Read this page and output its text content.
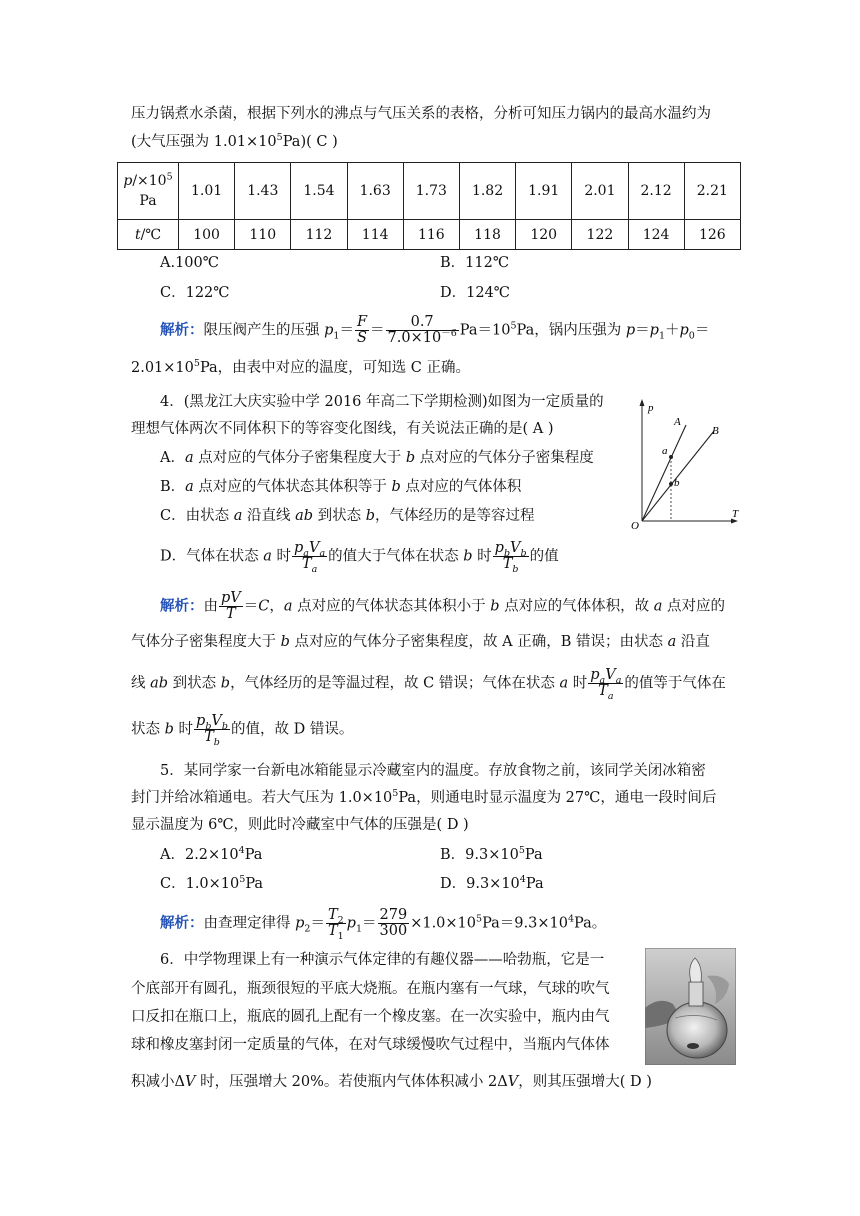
压力锅煮水杀菌，根据下列水的沸点与气压关系的表格，分析可知压力锅内的最高水温约为
(大气压强为 $1.01\times 10^5Pa$)( C )
$p/\times 10^5$
Pa	1.01	1.43	1.54	1.63	1.73	1.82	1.91	2.01	2.12	2.21
t/℃	100	110	112	114	116	118	120	122	124	126
A.100℃	B．112℃
C．122℃	D．124℃
解析：限压阀产生的压强 $p_1= \frac{F}{S} = \frac{0.7}{7.0\times 10^{-6}} Pa=10^5Pa$，锅内压强为 $p=p_1+p_0=$
$2.01\times 10^5Pa$，由表中对应的温度，可知选 C 正确。
4．(黑龙江大庆实验中学 2016 年高二下学期检测)如图为一定质量的
理想气体两次不同体积下的等容变化图线，有关说法正确的是( A )
A．a 点对应的气体分子密集程度大于 b 点对应的气体分子密集程度
B．a 点对应的气体状态其体积等于 b 点对应的气体体积
C．由状态 a 沿直线 ab 到状态 b，气体经历的是等容过程
D．气体在状态 a 时 $\frac{p_aV_a}{T_a}$ 的值大于气体在状态 b 时 $\frac{p_bV_b}{T_b}$ 的值
p
T
O
A
B
a
b
解析：由 $\frac{pV}{T} =C$，a 点对应的气体状态其体积小于 b 点对应的气体体积，故 a 点对应的
气体分子密集程度大于 b 点对应的气体分子密集程度，故 A 正确，B 错误；由状态 a 沿直
线 ab 到状态 b，气体经历的是等温过程，故 C 错误；气体在状态 a 时 $\frac{p_aV_a}{T_a}$ 的值等于气体在
状态 b 时 $\frac{p_bV_b}{T_b}$ 的值，故 D 错误。
5．某同学家一台新电冰箱能显示冷藏室内的温度。存放食物之前，该同学关闭冰箱密
封门并给冰箱通电。若大气压为 $1.0\times 10^5Pa$，则通电时显示温度为 27℃，通电一段时间后
显示温度为 6℃，则此时冷藏室中气体的压强是( D )
A．$2.2\times 10^4Pa$	B．$9.3\times 10^5Pa$
C．$1.0\times 10^5Pa$	D．$9.3\times 10^4Pa$
解析：由查理定律得 $p_2= \frac{T_2}{T_1} p_1= \frac{279}{300} \times 1.0\times 10^5Pa=9.3\times 10^4Pa$。
6．中学物理课上有一种演示气体定律的有趣仪器——哈勃瓶，它是一
个底部开有圆孔，瓶颈很短的平底大烧瓶。在瓶内塞有一气球，气球的吹气
口反扣在瓶口上，瓶底的圆孔上配有一个橡皮塞。在一次实验中，瓶内由气
球和橡皮塞封闭一定质量的气体，在对气球缓慢吹气过程中，当瓶内气体体
积减小ΔV 时，压强增大 20%。若使瓶内气体体积减小 2ΔV，则其压强增大( D )
